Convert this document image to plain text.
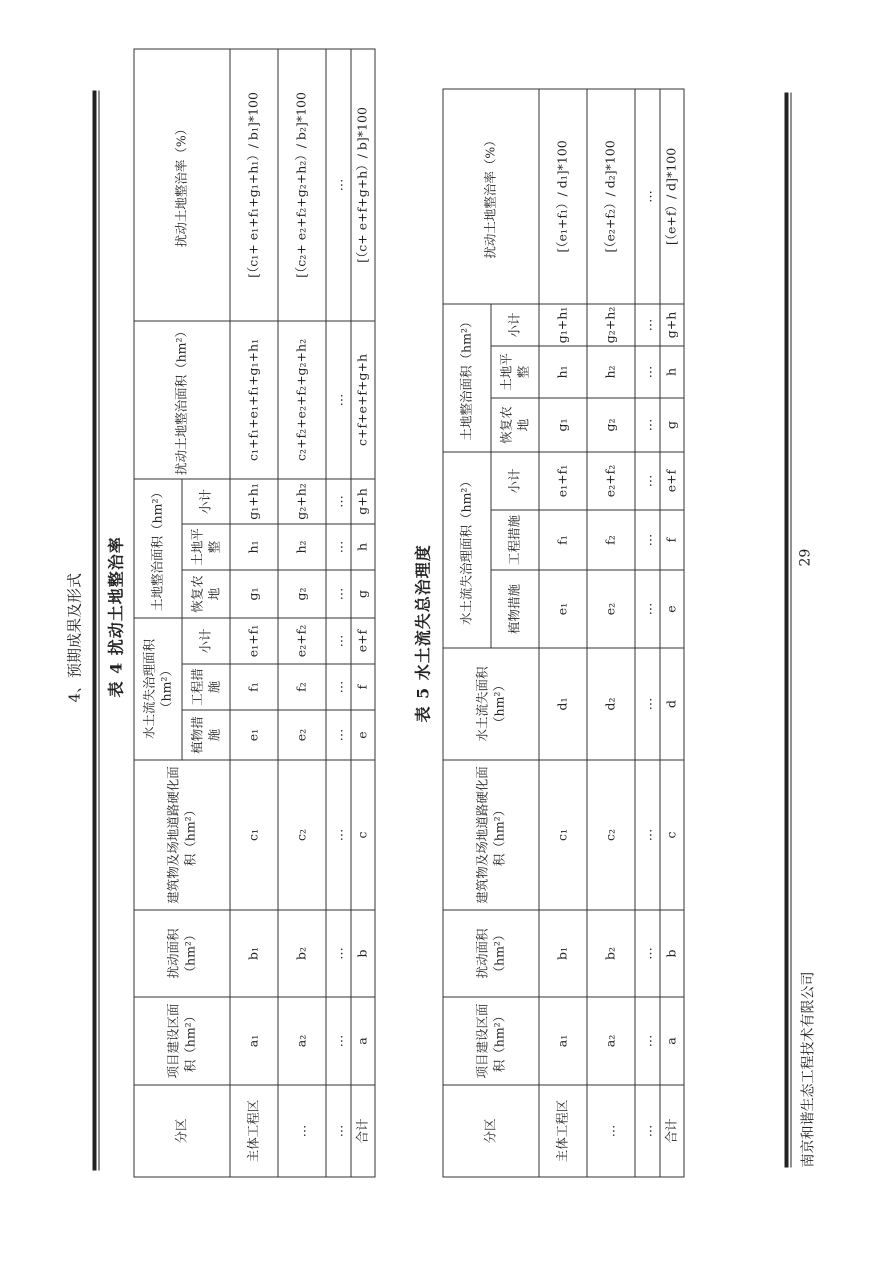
4、预期成果及形式 表 4 扰动土地整治率
分区	项目建设区面积（hm²）	扰动面积（hm²）	建筑物及场地道路硬化面积（hm²）	水土流失治理面积（hm²）			土地整治面积（hm²）			扰动土地整治面积（hm²）	扰动土地整治率（%）
				植物措施	工程措施	小计	恢复农地	土地平整	小计		
主体工程区	a₁	b₁	c₁	e₁	f₁	e₁+f₁	g₁	h₁	g₁+h₁	c₁+f₁+e₁+f₁+g₁+h₁	[（c₁+ e₁+f₁+g₁+h₁）/ b₁]*100
…	a₂	b₂	c₂	e₂	f₂	e₂+f₂	g₂	h₂	g₂+h₂	c₂+f₂+e₂+f₂+g₂+h₂	[（c₂+ e₂+f₂+g₂+h₂）/ b₂]*100
…	…	…	…	…	…	…	…	…	…	…	…
合计	a	b	c	e	f	e+f	g	h	g+h	c+f+e+f+g+h	[（c+ e+f+g+h）/ b]*100
表 5 水土流失总治理度
分区	项目建设区面积（hm²）	扰动面积（hm²）	建筑物及场地道路硬化面积（hm²）	水土流失面积（hm²）	水土流失治理面积（hm²）			土地整治面积（hm²）			扰动土地整治率（%）
					植物措施	工程措施	小计	恢复农地	土地平整	小计	
主体工程区	a₁	b₁	c₁	d₁	e₁	f₁	e₁+f₁	g₁	h₁	g₁+h₁	[（e₁+f₁）/ d₁]*100
…	a₂	b₂	c₂	d₂	e₂	f₂	e₂+f₂	g₂	h₂	g₂+h₂	[（e₂+f₂）/ d₂]*100
…	…	…	…	…	…	…	…	…	…	…	…
合计	a	b	c	d	e	f	e+f	g	h	g+h	[（e+f）/ d]*100
南京和谐生态工程技术有限公司
29
